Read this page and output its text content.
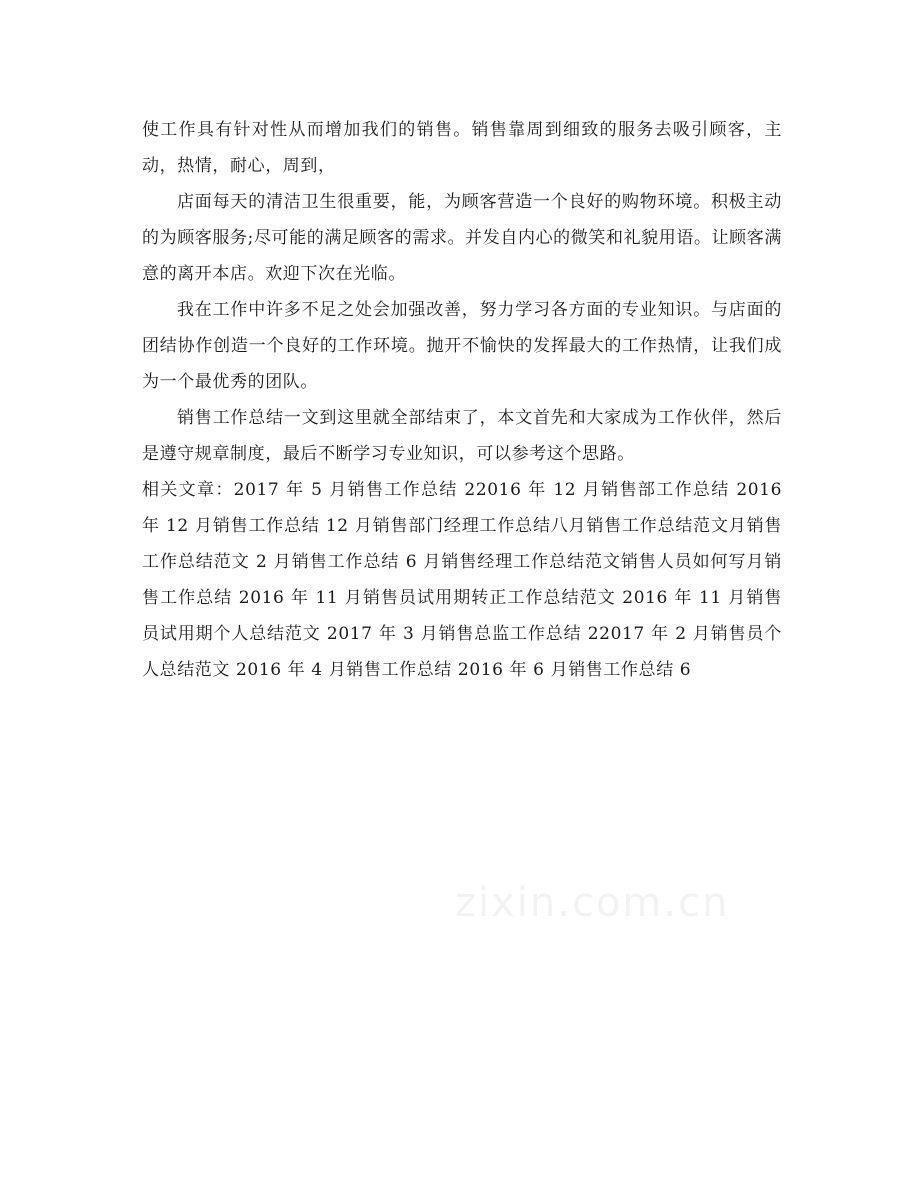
使工作具有针对性从而增加我们的销售。销售靠周到细致的服务去吸引顾客，主动，热情，耐心，周到，

店面每天的清洁卫生很重要，能，为顾客营造一个良好的购物环境。积极主动的为顾客服务;尽可能的满足顾客的需求。并发自内心的微笑和礼貌用语。让顾客满意的离开本店。欢迎下次在光临。

我在工作中许多不足之处会加强改善，努力学习各方面的专业知识。与店面的团结协作创造一个良好的工作环境。抛开不愉快的发挥最大的工作热情，让我们成为一个最优秀的团队。

销售工作总结一文到这里就全部结束了，本文首先和大家成为工作伙伴，然后是遵守规章制度，最后不断学习专业知识，可以参考这个思路。

相关文章：2017 年 5 月销售工作总结 22016 年 12 月销售部工作总结 2016 年 12 月销售工作总结 12 月销售部门经理工作总结八月销售工作总结范文月销售工作总结范文 2 月销售工作总结 6 月销售经理工作总结范文销售人员如何写月销售工作总结 2016 年 11 月销售员试用期转正工作总结范文 2016 年 11 月销售员试用期个人总结范文 2017 年 3 月销售总监工作总结 22017 年 2 月销售员个人总结范文 2016 年 4 月销售工作总结 2016 年 6 月销售工作总结 6

zixin.com.cn
